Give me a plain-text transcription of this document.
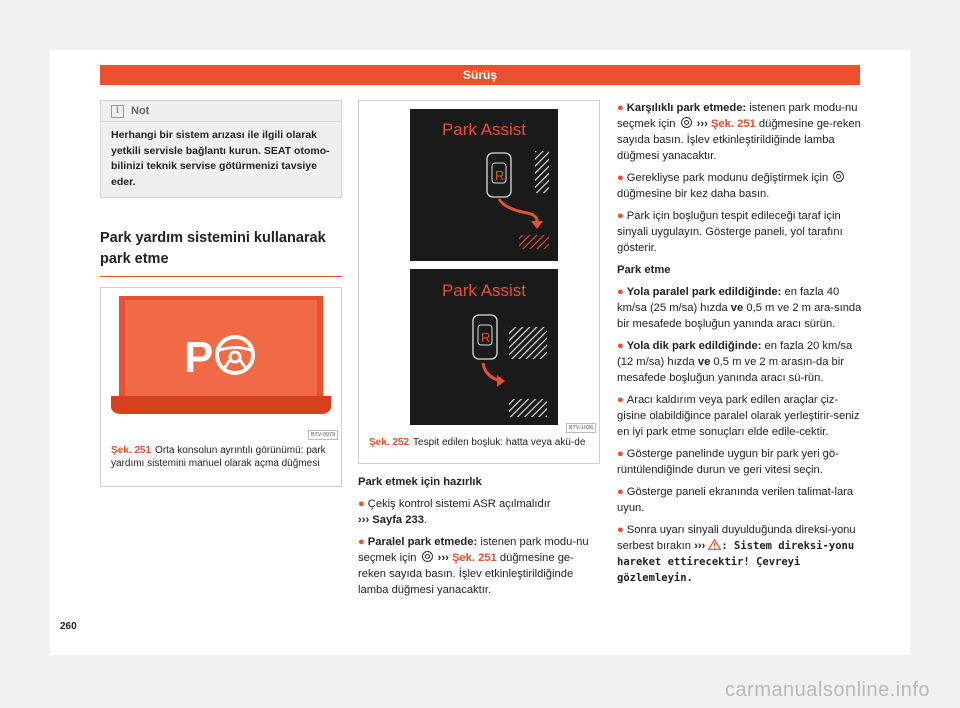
Sürüş
i	Not
Herhangi bir sistem arızası ile ilgili olarak yetkili servisle bağlantı kurun. SEAT otomo-bilinizi teknik servise götürmenizi tavsiye eder.
Park yardım sistemini kullanarak park etme
P
B7V-0979
Şek. 251 Orta konsolun ayrıntılı görünümü: park yardımı sistemini manuel olarak açma düğmesi
Park Assist
R
Park Assist
R
B7V-1036
Şek. 252 Tespit edilen boşluk: hatta veya akü-de

Park etmek için hazırlık

● Çekiş kontrol sistemi ASR açılmalıdır
››› Sayfa 233.

● Paralel park etmede: istenen park modu-nu seçmek için  ››› Şek. 251 düğmesine ge-reken sayıda basın. İşlev etkinleştirildiğinde lamba düğmesi yanacaktır.

● Karşılıklı park etmede: istenen park modu-nu seçmek için  ››› Şek. 251 düğmesine ge-reken sayıda basın. İşlev etkinleştirildiğinde lamba düğmesi yanacaktır.

● Gerekliyse park modunu değiştirmek için  düğmesine bir kez daha basın.

● Park için boşluğun tespit edileceği taraf için sinyali uygulayın. Gösterge paneli, yol tarafını gösterir.

Park etme

● Yola paralel park edildiğinde: en fazla 40 km/sa (25 m/sa) hızda ve 0,5 m ve 2 m ara-sında bir mesafede boşluğun yanında aracı sürün.

● Yola dik park edildiğinde: en fazla 20 km/sa (12 m/sa) hızda ve 0,5 m ve 2 m arasın-da bir mesafede boşluğun yanında aracı sü-rün.

● Aracı kaldırım veya park edilen araçlar çiz-gisine olabildiğince paralel olarak yerleştirir-seniz en iyi park etme sonuçları elde edile-cektir.

● Gösterge panelinde uygun bir park yeri gö-rüntülendiğinde durun ve geri vitesi seçin.

● Gösterge paneli ekranında verilen talimat-lara uyun.

● Sonra uyarı sinyali duyulduğunda direksi-yonu serbest bırakın ››› : Sistem direksi-yonu hareket ettirecektir! Çevreyi gözlemleyin.

260
carmanualsonline.info
